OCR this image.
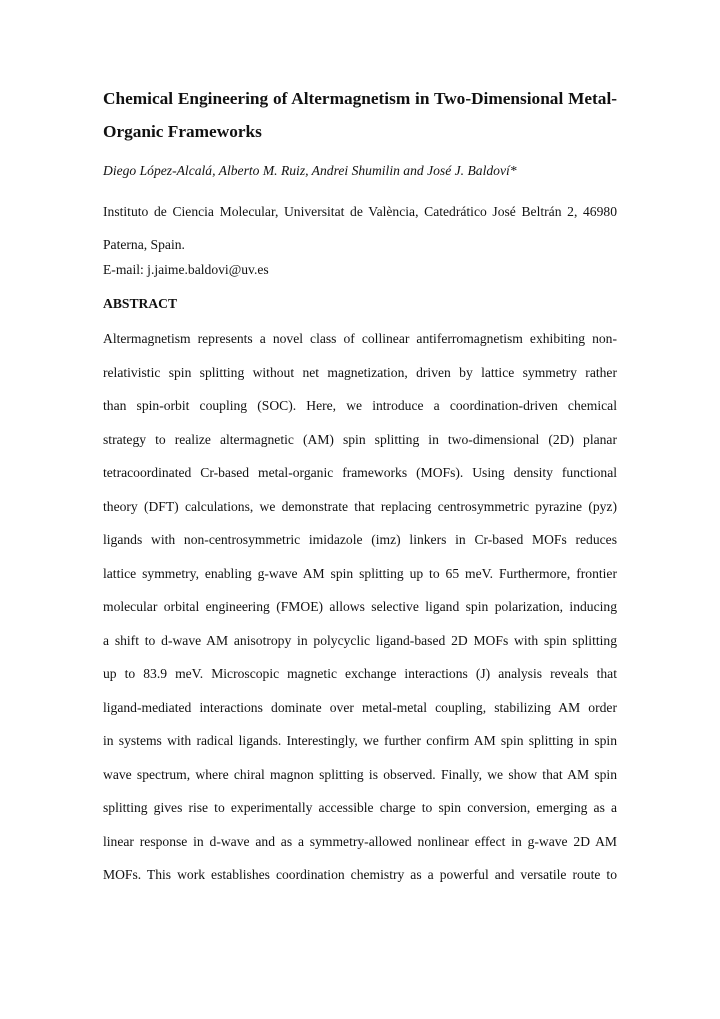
Chemical Engineering of Altermagnetism in Two-Dimensional Metal-
Organic Frameworks
Diego López-Alcalá, Alberto M. Ruiz, Andrei Shumilin and José J. Baldoví*
Instituto de Ciencia Molecular, Universitat de València, Catedrático José Beltrán 2, 46980
Paterna, Spain.
E-mail: j.jaime.baldovi@uv.es
ABSTRACT
Altermagnetism represents a novel class of collinear antiferromagnetism exhibiting non-
relativistic spin splitting without net magnetization, driven by lattice symmetry rather
than spin-orbit coupling (SOC). Here, we introduce a coordination-driven chemical
strategy to realize altermagnetic (AM) spin splitting in two-dimensional (2D) planar
tetracoordinated Cr-based metal-organic frameworks (MOFs). Using density functional
theory (DFT) calculations, we demonstrate that replacing centrosymmetric pyrazine (pyz)
ligands with non-centrosymmetric imidazole (imz) linkers in Cr-based MOFs reduces
lattice symmetry, enabling g-wave AM spin splitting up to 65 meV. Furthermore, frontier
molecular orbital engineering (FMOE) allows selective ligand spin polarization, inducing
a shift to d-wave AM anisotropy in polycyclic ligand-based 2D MOFs with spin splitting
up to 83.9 meV. Microscopic magnetic exchange interactions (J) analysis reveals that
ligand-mediated interactions dominate over metal-metal coupling, stabilizing AM order
in systems with radical ligands. Interestingly, we further confirm AM spin splitting in spin
wave spectrum, where chiral magnon splitting is observed. Finally, we show that AM spin
splitting gives rise to experimentally accessible charge to spin conversion, emerging as a
linear response in d-wave and as a symmetry-allowed nonlinear effect in g-wave 2D AM
MOFs. This work establishes coordination chemistry as a powerful and versatile route to
